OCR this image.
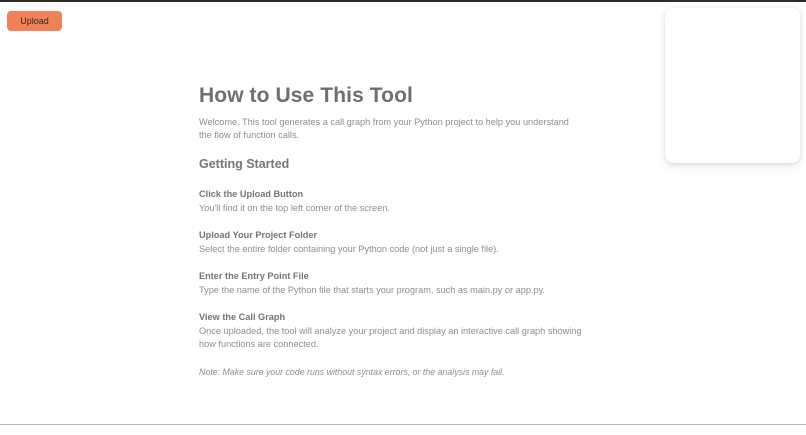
Upload
How to Use This Tool
Welcome. This tool generates a call graph from your Python project to help you understand the flow of function calls.
Getting Started
Click the Upload Button
You'll find it on the top left corner of the screen.
Upload Your Project Folder
Select the entire folder containing your Python code (not just a single file).
Enter the Entry Point File
Type the name of the Python file that starts your program, such as main.py or app.py.
View the Call Graph
Once uploaded, the tool will analyze your project and display an interactive call graph showing how functions are connected.
Note: Make sure your code runs without syntax errors, or the analysis may fail.
